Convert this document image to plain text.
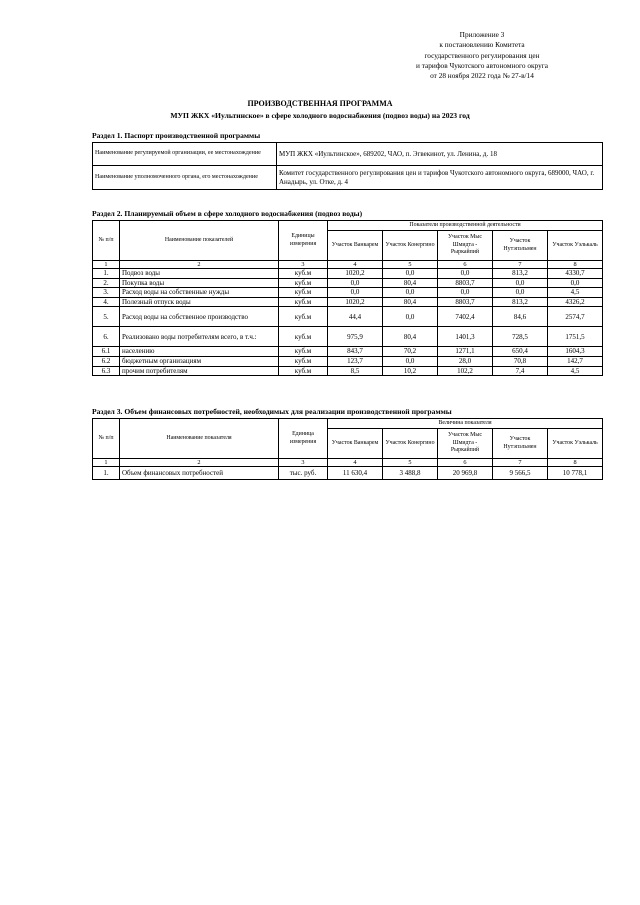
Приложение 3
к постановлению Комитета
государственного регулирования цен
и тарифов Чукотского автономного округа
от 28 ноября 2022 года № 27-в/14
ПРОИЗВОДСТВЕННАЯ ПРОГРАММА
МУП ЖКХ «Иультинское» в сфере холодного водоснабжения (подвоз воды) на 2023 год
Раздел 1. Паспорт производственной программы
Наименование регулируемой организации, ее местонахождение	МУП ЖКХ «Иультинское», 689202, ЧАО, п. Эгвекинот, ул. Ленина, д. 18
Наименование уполномоченного органа, его местонахождение	Комитет государственного регулирования цен и тарифов Чукотского автономного округа, 689000, ЧАО, г. Анадырь, ул. Отке, д. 4
Раздел 2. Планируемый объем в сфере холодного водоснабжения (подвоз воды)
№ п/п	Наименование показателей	Единицы измерения	Показатели производственной деятельности				
			Участок Ванкарем	Участок Конергино	Участок Мыс Шмидта - Рыркайпий	Участок Нутэпэльмен	Участок Уэлькаль
1	2	3	4	5	6	7	8
1.	Подвоз воды	куб.м	1020,2	0,0	0,0	813,2	4330,7
2.	Покупка воды	куб.м	0,0	80,4	8803,7	0,0	0,0
3.	Расход воды на собственные нужды	куб.м	0,0	0,0	0,0	0,0	4,5
4.	Полезный отпуск воды	куб.м	1020,2	80,4	8803,7	813,2	4326,2
5.	Расход воды на собственное производство	куб.м	44,4	0,0	7402,4	84,6	2574,7
6.	Реализовано воды потребителям всего, в т.ч.:	куб.м	975,9	80,4	1401,3	728,5	1751,5
6.1	населению	куб.м	843,7	70,2	1271,1	650,4	1604,3
6.2	бюджетным организациям	куб.м	123,7	0,0	28,0	70,8	142,7
6.3	прочим потребителям	куб.м	8,5	10,2	102,2	7,4	4,5
Раздел 3. Объем финансовых потребностей, необходимых для реализации производственной программы
№ п/п	Наименование показателя	Единица измерения	Величина показателя				
			Участок Ванкарем	Участок Конергино	Участок Мыс Шмидта - Рыркайпий	Участок Нутэпэльмен	Участок Уэлькаль
1	2	3	4	5	6	7	8
1.	Объем финансовых потребностей	тыс. руб.	11 630,4	3 488,8	20 969,8	9 566,5	10 778,1
